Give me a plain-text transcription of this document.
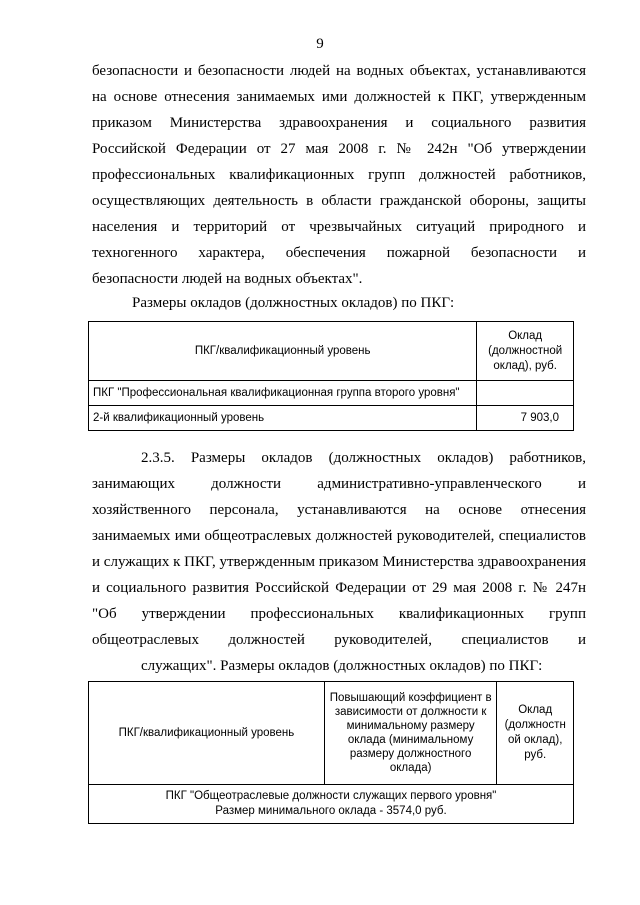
9

безопасности и безопасности людей на водных объектах, устанавливаются на основе отнесения занимаемых ими должностей к ПКГ, утвержденным приказом Министерства здравоохранения и социального развития Российской Федерации от 27 мая 2008 г. № 242н "Об утверждении профессиональных квалификационных групп должностей работников, осуществляющих деятельность в области гражданской обороны, защиты населения и территорий от чрезвычайных ситуаций природного и техногенного характера, обеспечения пожарной безопасности и
безопасности людей на водных объектах".

Размеры окладов (должностных окладов) по ПКГ:

ПКГ/квалификационный уровень	Оклад (должностной оклад), руб.
ПКГ "Профессиональная квалификационная группа второго уровня"	
2-й квалификационный уровень	7 903,0

2.3.5. Размеры окладов (должностных окладов) работников, занимающих должности административно-управленческого и хозяйственного персонала, устанавливаются на основе отнесения занимаемых ими общеотраслевых должностей руководителей, специалистов и служащих к ПКГ, утвержденным приказом Министерства здравоохранения и социального развития Российской Федерации от 29 мая 2008 г. № 247н "Об утверждении профессиональных квалификационных групп общеотраслевых должностей руководителей, специалистов и
служащих". Размеры окладов (должностных окладов) по ПКГ:

ПКГ/квалификационный уровень	Повышающий коэффициент в зависимости от должности к минимальному размеру оклада (минимальному размеру должностного оклада)	Оклад (должностн ой оклад), руб.

ПКГ "Общеотраслевые должности служащих первого уровня"
Размер минимального оклада - 3574,0 руб.
